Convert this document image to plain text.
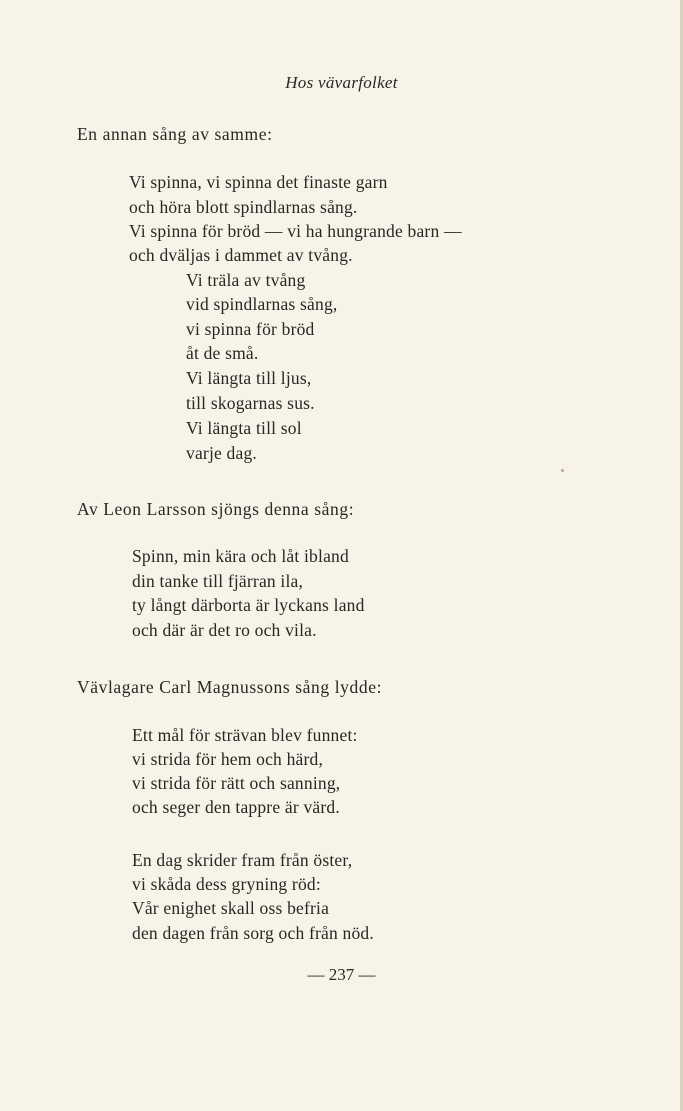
Hos vävarfolket
En annan sång av samme:
Vi spinna, vi spinna det finaste garn
och höra blott spindlarnas sång.
Vi spinna för bröd — vi ha hungrande barn —
och dväljas i dammet av tvång.
Vi träla av tvång
vid spindlarnas sång,
vi spinna för bröd
åt de små.
Vi längta till ljus,
till skogarnas sus.
Vi längta till sol
varje dag.
Av Leon Larsson sjöngs denna sång:
Spinn, min kära och låt ibland
din tanke till fjärran ila,
ty långt därborta är lyckans land
och där är det ro och vila.
Vävlagare Carl Magnussons sång lydde:
Ett mål för strävan blev funnet:
vi strida för hem och härd,
vi strida för rätt och sanning,
och seger den tappre är värd.
En dag skrider fram från öster,
vi skåda dess gryning röd:
Vår enighet skall oss befria
den dagen från sorg och från nöd.
— 237 —
